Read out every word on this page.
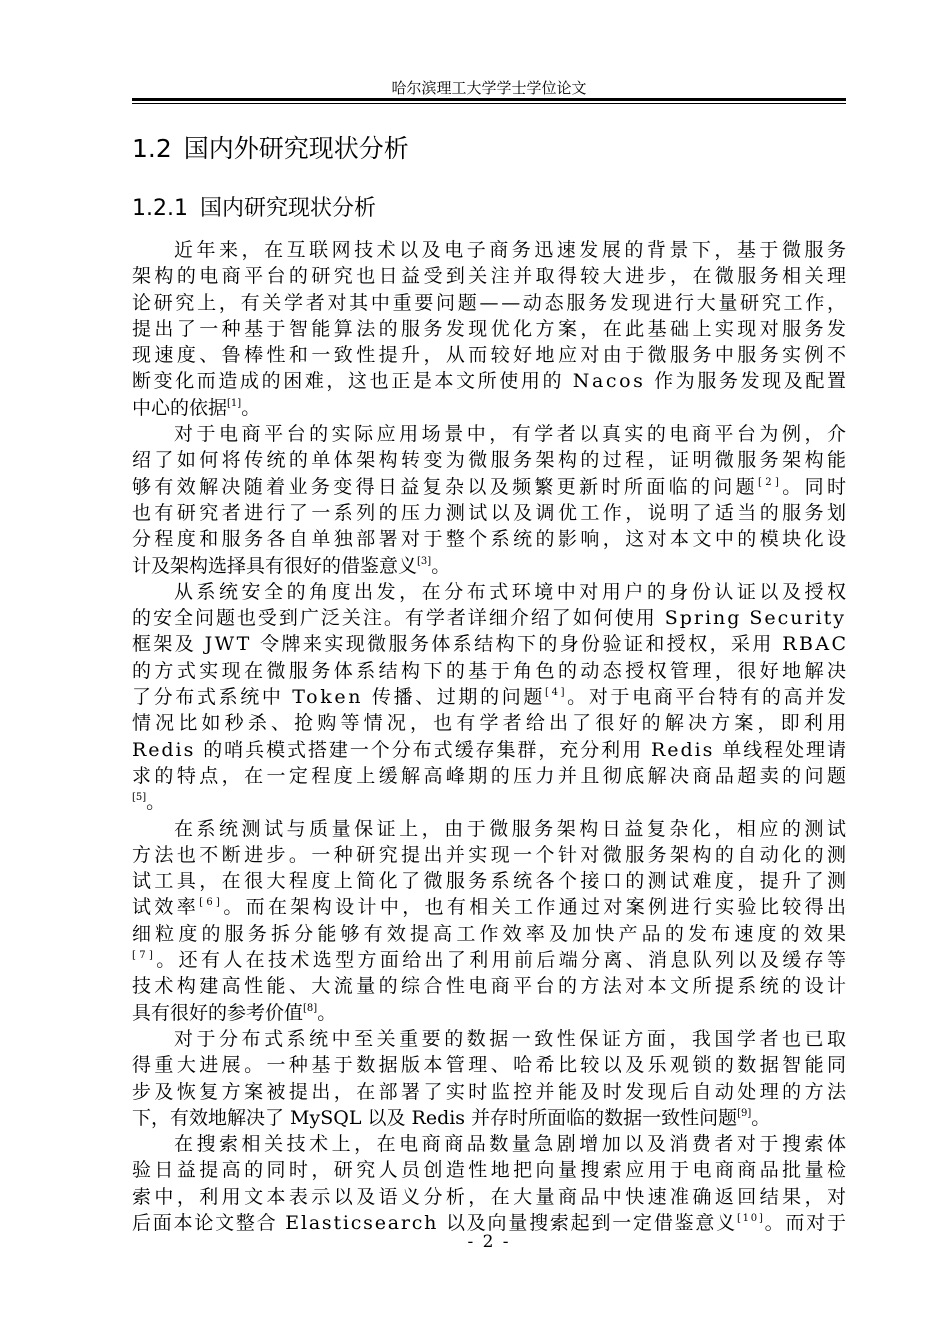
哈尔滨理工大学学士学位论文
1.2 国内外研究现状分析
1.2.1 国内研究现状分析
近年来，在互联网技术以及电子商务迅速发展的背景下，基于微服务
架构的电商平台的研究也日益受到关注并取得较大进步，在微服务相关理
论研究上，有关学者对其中重要问题——动态服务发现进行大量研究工作，
提出了一种基于智能算法的服务发现优化方案，在此基础上实现对服务发
现速度、鲁棒性和一致性提升，从而较好地应对由于微服务中服务实例不
断变化而造成的困难，这也正是本文所使用的 Nacos 作为服务发现及配置
中心的依据[1]。
对于电商平台的实际应用场景中，有学者以真实的电商平台为例，介
绍了如何将传统的单体架构转变为微服务架构的过程，证明微服务架构能
够有效解决随着业务变得日益复杂以及频繁更新时所面临的问题[2]。同时
也有研究者进行了一系列的压力测试以及调优工作，说明了适当的服务划
分程度和服务各自单独部署对于整个系统的影响，这对本文中的模块化设
计及架构选择具有很好的借鉴意义[3]。
从系统安全的角度出发，在分布式环境中对用户的身份认证以及授权
的安全问题也受到广泛关注。有学者详细介绍了如何使用 Spring Security
框架及 JWT 令牌来实现微服务体系结构下的身份验证和授权，采用 RBAC
的方式实现在微服务体系结构下的基于角色的动态授权管理，很好地解决
了分布式系统中 Token 传播、过期的问题[4]。对于电商平台特有的高并发
情况比如秒杀、抢购等情况，也有学者给出了很好的解决方案，即利用
Redis 的哨兵模式搭建一个分布式缓存集群，充分利用 Redis 单线程处理请
求的特点，在一定程度上缓解高峰期的压力并且彻底解决商品超卖的问题
[5]。
在系统测试与质量保证上，由于微服务架构日益复杂化，相应的测试
方法也不断进步。一种研究提出并实现一个针对微服务架构的自动化的测
试工具，在很大程度上简化了微服务系统各个接口的测试难度，提升了测
试效率[6]。而在架构设计中，也有相关工作通过对案例进行实验比较得出
细粒度的服务拆分能够有效提高工作效率及加快产品的发布速度的效果
[7]。还有人在技术选型方面给出了利用前后端分离、消息队列以及缓存等
技术构建高性能、大流量的综合性电商平台的方法对本文所提系统的设计
具有很好的参考价值[8]。
对于分布式系统中至关重要的数据一致性保证方面，我国学者也已取
得重大进展。一种基于数据版本管理、哈希比较以及乐观锁的数据智能同
步及恢复方案被提出，在部署了实时监控并能及时发现后自动处理的方法
下，有效地解决了 MySQL 以及 Redis 并存时所面临的数据一致性问题[9]。
在搜索相关技术上，在电商商品数量急剧增加以及消费者对于搜索体
验日益提高的同时，研究人员创造性地把向量搜索应用于电商商品批量检
索中，利用文本表示以及语义分析，在大量商品中快速准确返回结果，对
后面本论文整合 Elasticsearch 以及向量搜索起到一定借鉴意义[10]。而对于
- 2 -
